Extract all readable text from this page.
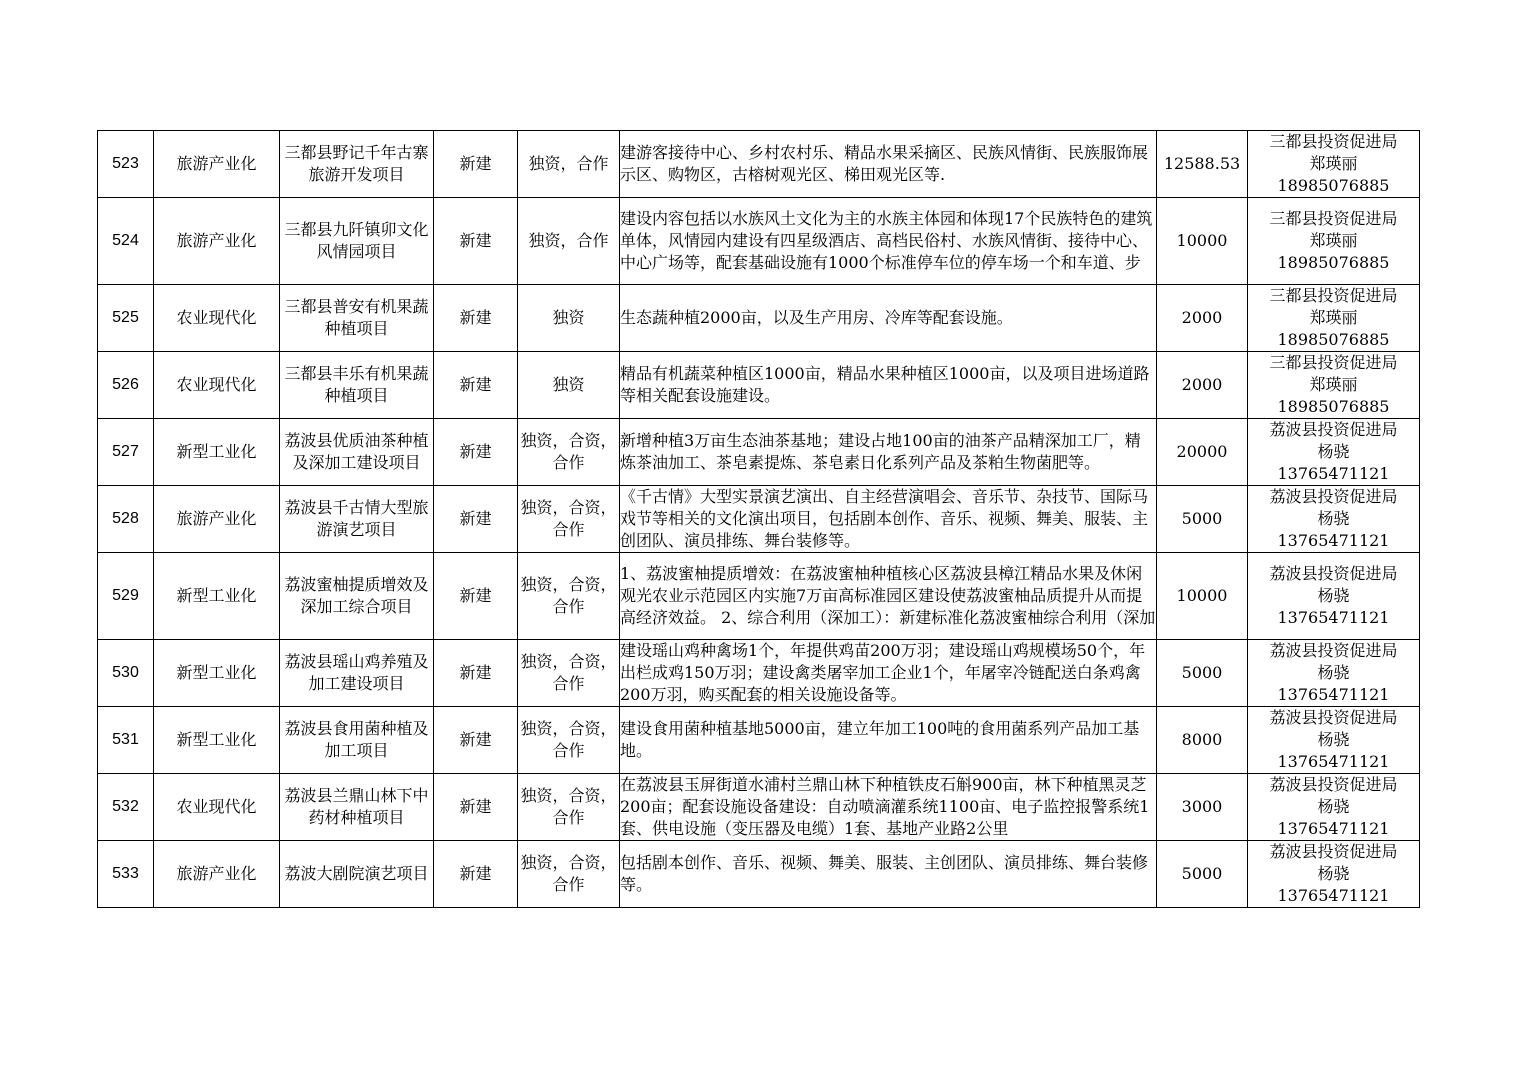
523	旅游产业化	三都县野记千年古寨旅游开发项目	新建	独资，合作	建游客接待中心、乡村农村乐、精品水果采摘区、民族风情街、民族服饰展示区、购物区，古榕树观光区、梯田观光区等.	12588.53	三都县投资促进局
郑瑛丽
18985076885

524	旅游产业化	三都县九阡镇卯文化风情园项目	新建	独资，合作	建设内容包括以水族风土文化为主的水族主体园和体现17个民族特色的建筑单体，风情园内建设有四星级酒店、高档民俗村、水族风情街、接待中心、中心广场等，配套基础设施有1000个标准停车位的停车场一个和车道、步	10000	三都县投资促进局
郑瑛丽
18985076885

525	农业现代化	三都县普安有机果蔬种植项目	新建	独资	生态蔬种植2000亩，以及生产用房、冷库等配套设施。	2000	三都县投资促进局
郑瑛丽
18985076885

526	农业现代化	三都县丰乐有机果蔬种植项目	新建	独资	精品有机蔬菜种植区1000亩，精品水果种植区1000亩，以及项目进场道路等相关配套设施建设。	2000	三都县投资促进局
郑瑛丽
18985076885

527	新型工业化	荔波县优质油茶种植及深加工建设项目	新建	独资，合资，合作	新增种植3万亩生态油茶基地；建设占地100亩的油茶产品精深加工厂，精炼茶油加工、茶皂素提炼、茶皂素日化系列产品及茶粕生物菌肥等。	20000	荔波县投资促进局
杨骁
13765471121

528	旅游产业化	荔波县千古情大型旅游演艺项目	新建	独资，合资，合作	《千古情》大型实景演艺演出、自主经营演唱会、音乐节、杂技节、国际马戏节等相关的文化演出项目，包括剧本创作、音乐、视频、舞美、服装、主创团队、演员排练、舞台装修等。	5000	荔波县投资促进局
杨骁
13765471121

529	新型工业化	荔波蜜柚提质增效及深加工综合项目	新建	独资，合资，合作	1、荔波蜜柚提质增效：在荔波蜜柚种植核心区荔波县樟江精品水果及休闲观光农业示范园区内实施7万亩高标准园区建设使荔波蜜柚品质提升从而提高经济效益。 2、综合利用（深加工）：新建标准化荔波蜜柚综合利用（深加	10000	荔波县投资促进局
杨骁
13765471121

530	新型工业化	荔波县瑶山鸡养殖及加工建设项目	新建	独资，合资，合作	建设瑶山鸡种禽场1个，年提供鸡苗200万羽；建设瑶山鸡规模场50个，年出栏成鸡150万羽；建设禽类屠宰加工企业1个，年屠宰冷链配送白条鸡禽200万羽，购买配套的相关设施设备等。	5000	荔波县投资促进局
杨骁
13765471121

531	新型工业化	荔波县食用菌种植及加工项目	新建	独资，合资，合作	建设食用菌种植基地5000亩，建立年加工100吨的食用菌系列产品加工基地。	8000	荔波县投资促进局
杨骁
13765471121

532	农业现代化	荔波县兰鼎山林下中药材种植项目	新建	独资，合资，合作	在荔波县玉屏街道水浦村兰鼎山林下种植铁皮石斛900亩，林下种植黑灵芝200亩；配套设施设备建设：自动喷滴灌系统1100亩、电子监控报警系统1套、供电设施（变压器及电缆）1套、基地产业路2公里	3000	荔波县投资促进局
杨骁
13765471121

533	旅游产业化	荔波大剧院演艺项目	新建	独资，合资，合作	包括剧本创作、音乐、视频、舞美、服装、主创团队、演员排练、舞台装修等。	5000	荔波县投资促进局
杨骁
13765471121
